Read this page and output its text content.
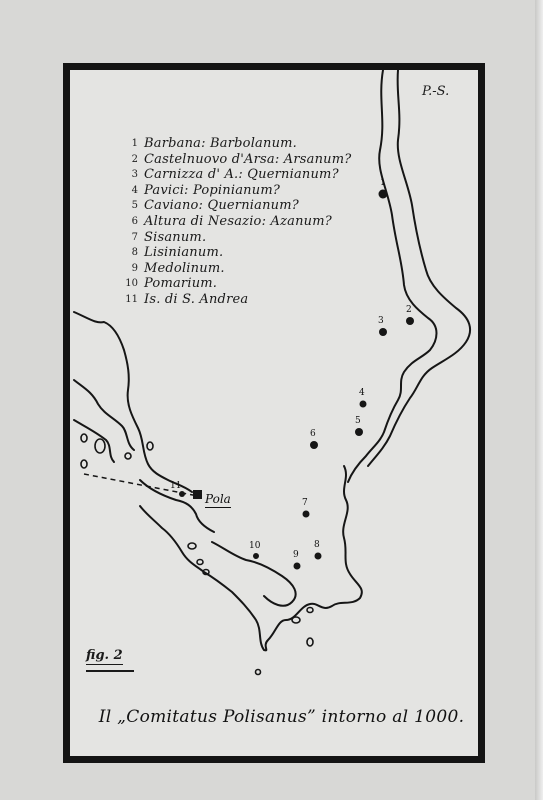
1
2
3
4
5
6
7
8
9
10
11
P.-S.
1 Barbana: Barbolanum.
2 Castelnuovo d'Arsa: Arsanum?
3 Carnizza d' A.: Quernianum?
4 Pavici: Popinianum?
5 Caviano: Quernianum?
6 Altura di Nesazio: Azanum?
7 Sisanum.
8 Lisinianum.
9 Medolinum.
10 Pomarium.
11 Is. di S. Andrea
Pola
fig. 2
Il „Comitatus Polisanus” intorno al 1000.
